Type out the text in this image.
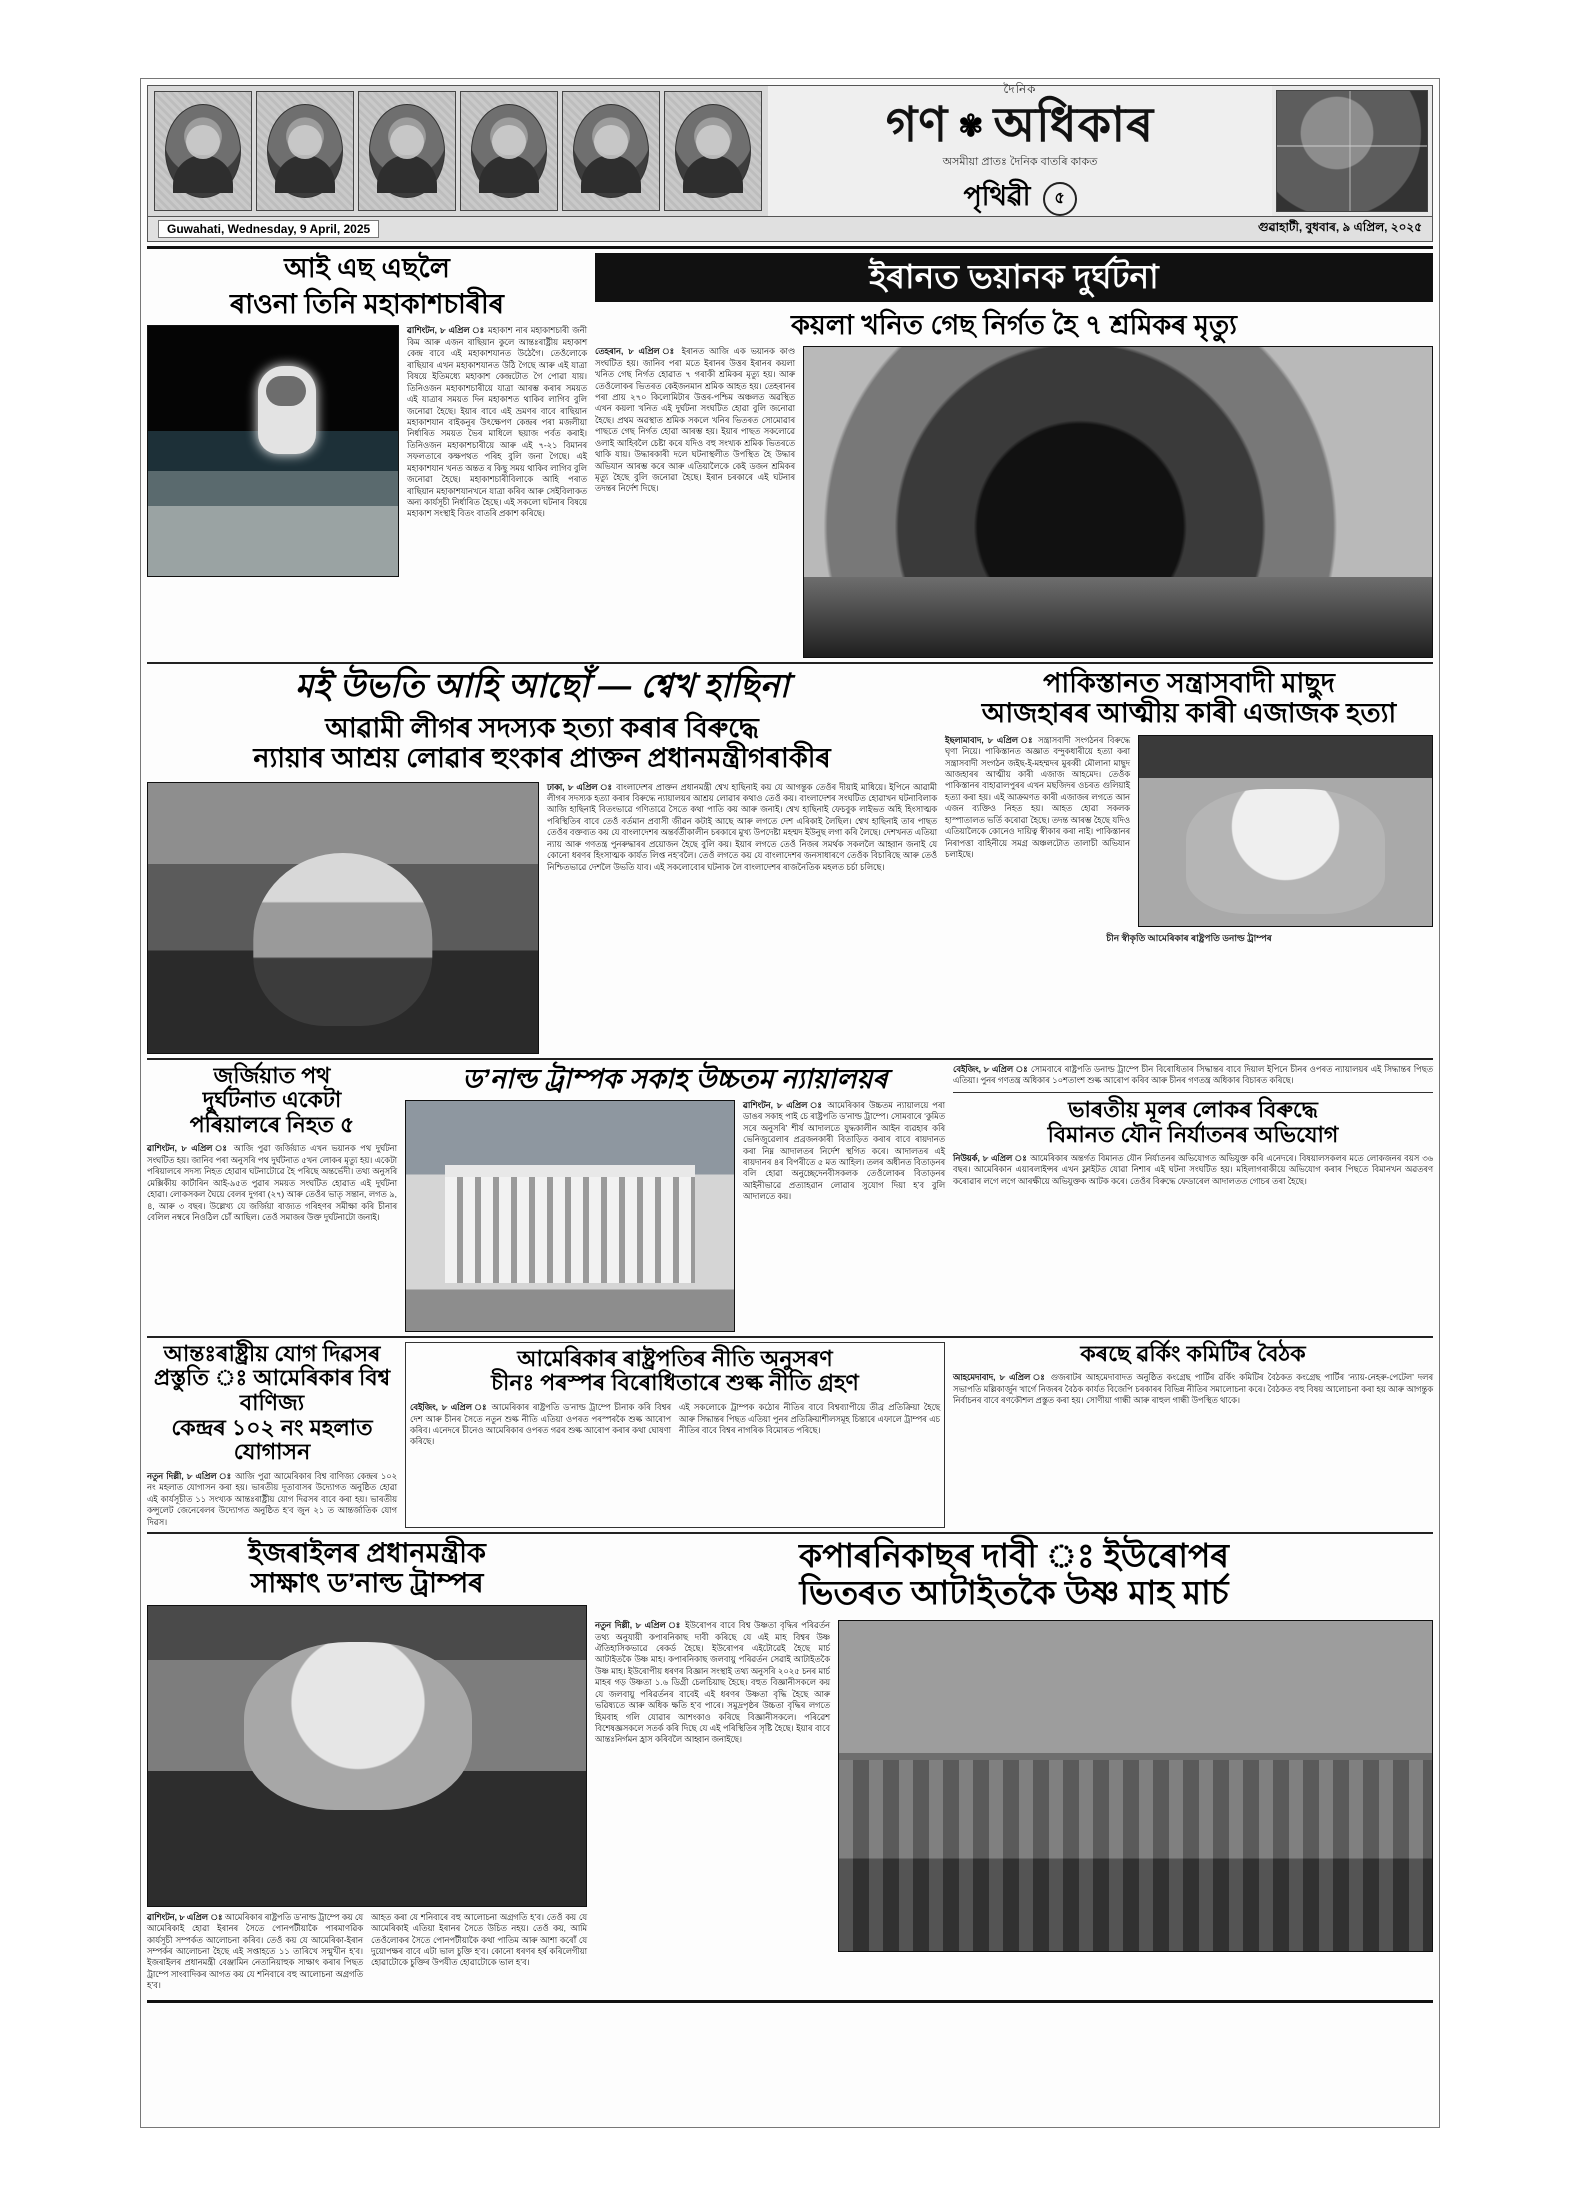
দৈনিক
গণ ✾ অধিকাৰ
অসমীয়া প্ৰাতঃ দৈনিক বাতৰি কাকত
পৃথিৱী	৫
Guwahati, Wednesday, 9 April, 2025	গুৱাহাটী, বুধবাৰ, ৯ এপ্ৰিল, ২০২৫
আই এছ এছলৈ
ৰাওনা তিনি মহাকাশচাৰীৰ
ৱাশিংটন, ৮ এপ্ৰিল ঃ মহাকাশ নাৰ মহাকাশচাৰী জনী কিম আৰু এজন ৰাছিয়ান কুলে আন্তঃৰাষ্ট্ৰীয় মহাকাশ কেন্দ্ৰ বাবে এই মহাকাশযানত উঠেগৈ। তেওঁলোকে ৰাছিয়াৰ এখন মহাকাশযানত উঠি গৈছে আৰু এই যাত্ৰা বিষয়ে ইতিমধ্যে মহাকাশ কেন্দ্ৰটোত গৈ পোৱা যায়। তিনিওজন মহাকাশচাৰীয়ে যাত্ৰা আৰম্ভ কৰাৰ সময়ত এই যাত্ৰাৰ সময়ত দিন মহাকাশত থাকিব লাগিব বুলি জনোৱা হৈছে। ইয়াৰ বাবে এই ভ্ৰমণৰ বাবে ৰাছিয়ান মহাকাশযান বাইকনুৰ উৎক্ষেপণ কেন্দ্ৰৰ পৰা মজলীয়া নিৰ্ধাৰিত সময়ত ভৈৰ মাধিলে ছয়াজ পৰ্বত কৰাই। তিনিওজন মহাকাশচাৰীয়ে আৰু এই ৭-২১ বিমানৰ সফলতাৰে কক্ষপথত পৰিহ বুলি জনা গৈছে। এই মহাকাশযান খনত অন্তত ৰ কিছু সময় থাকিব লাগিব বুলি জনোৱা হৈছে। মহাকাশচাৰীবিলাকে আহি পৰাত ৰাছিয়ান মহাকাশযানখনে যাত্ৰা কৰিব আৰু সেইবিলাকত অন্য কাৰ্যসূচী নিৰ্ধাৰিত হৈছে। এই সকলো ঘটনাৰ বিষয়ে মহাকাশ সংস্থাই বিতং বাতৰি প্ৰকাশ কৰিছে।
ইৰানত ভয়ানক দুৰ্ঘটনা
কয়লা খনিত গেছ নিৰ্গত হৈ ৭ শ্ৰমিকৰ মৃত্যু
তেহৰান, ৮ এপ্ৰিল ঃ ইৰানত আজি এক ভয়ানক কাণ্ড সংঘটিত হয়। জানিব পৰা মতে ইৰানৰ উত্তৰ ইৰানৰ কয়লা খনিত গেছ নিৰ্গত হোৱাত ৭ গৰাকী শ্ৰমিকৰ মৃত্যু হয়। আৰু তেওঁলোকৰ ভিতৰত কেইজনমান শ্ৰমিক আহত হয়। তেহৰানৰ পৰা প্ৰায় ২৭০ কিলোমিটাৰ উত্তৰ-পশ্চিম অঞ্চলত অৱস্থিত এখন কয়লা খনিত এই দুৰ্ঘটনা সংঘটিত হোৱা বুলি জনোৱা হৈছে। প্ৰথম অৱস্থাত শ্ৰমিক সকলে খনিৰ ভিতৰত সোমোৱাৰ পাছতে গেছ নিৰ্গত হোৱা আৰম্ভ হয়। ইয়াৰ পাছত সকলোৱে ওলাই আহিবলৈ চেষ্টা কৰে যদিও বহু সংখ্যক শ্ৰমিক ভিতৰতে থাকি যায়। উদ্ধাৰকাৰী দলে ঘটনাস্থলীত উপস্থিত হৈ উদ্ধাৰ অভিযান আৰম্ভ কৰে আৰু এতিয়ালৈকে কেই ডজন শ্ৰমিকৰ মৃত্যু হৈছে বুলি জনোৱা হৈছে। ইৰান চৰকাৰে এই ঘটনাৰ তদন্তৰ নিৰ্দেশ দিছে।
মই উভতি আহি আছোঁ — শ্বেখ হাছিনা
আৱামী লীগৰ সদস্যক হত্যা কৰাৰ বিৰুদ্ধে
ন্যায়াৰ আশ্ৰয় লোৱাৰ হুংকাৰ প্ৰাক্তন প্ৰধানমন্ত্ৰীগৰাকীৰ
ঢাকা, ৮ এপ্ৰিল ঃ বাংলাদেশৰ প্ৰাক্তন প্ৰধানমন্ত্ৰী শ্বেখ হাছিনাই কয় যে আগন্তুক তেওঁৰ দীয়াই মাধিয়ে। ইপিনে আৱামী লীগৰ সদস্যক হত্যা কৰাৰ বিৰুদ্ধে ন্যায়ালয়ৰ আশ্ৰয় লোৱাৰ কথাও তেওঁ কয়। বাংলাদেশৰ সংঘটিত হোৱাখন ঘটনাবিলাক আজি হাছিনাই বিতংভাৱে গণিতাৱে সৈতে কথা পাতি কয় আৰু জনাই। শ্বেখ হাছিনাই ফেচবুক লাইভত অহি হিংসাত্মক পৰিস্থিতিৰ বাবে তেওঁ বৰ্তমান প্ৰবাসী জীৱন কটাই আছে আৰু লগতে দেশ এৰিকাই লৈছিল। শ্বেখ হাছিনাই তাৰ পাছত তেওঁৰ বক্তব্যত কয় যে বাংলাদেশৰ অন্তৰ্বৰ্তীকালীন চৰকাৰে মুখ্য উপদেষ্টা মহম্মদ ইউনুছ লগা কৰি লৈছে। দেশখনত এতিয়া ন্যায় আৰু গণতন্ত্ৰ পুনৰুদ্ধাৰৰ প্ৰয়োজন হৈছে বুলি কয়। ইয়াৰ লগতে তেওঁ নিজৰ সমৰ্থক সকললৈ আহ্বান জনাই যে কোনো ধৰণৰ হিংসাত্মক কাৰ্যত লিপ্ত নহ’বলৈ। তেওঁ লগতে কয় যে বাংলাদেশৰ জনসাধাৰণে তেওঁক বিচাৰিছে আৰু তেওঁ নিশ্চিতভাৱে দেশলৈ উভতি যাব। এই সকলোবোৰ ঘটনাক লৈ বাংলাদেশৰ ৰাজনৈতিক মহলত চৰ্চা চলিছে।
পাকিস্তানত সন্ত্ৰাসবাদী মাছুদ
আজহাৰৰ আত্মীয় কাৰী এজাজক হত্যা
ইছলামাবাদ, ৮ এপ্ৰিল ঃ সন্ত্ৰাসবাদী সংগঠনৰ বিৰুদ্ধে ঘৃণা নিয়ে। পাকিস্তানত অজ্ঞাত বন্দুকধাৰীয়ে হত্যা কৰা সন্ত্ৰাসবাদী সংগঠন জইছ-ই-মহম্মদৰ মুৰব্বী মৌলানা মাছুদ আজহাৰৰ আত্মীয় কাৰী এজাজ আহমেদ। তেওঁক পাকিস্তানৰ বাহাৱালপুৰৰ এখন মছজিদৰ ওচৰত গুলিয়াই হত্যা কৰা হয়। এই আক্ৰমণত কাৰী এজাজৰ লগতে আন এজন ব্যক্তিও নিহত হয়। আহত হোৱা সকলক হাস্পাতালত ভৰ্তি কৰোৱা হৈছে। তদন্ত আৰম্ভ হৈছে যদিও এতিয়ালৈকে কোনেও দায়িত্ব স্বীকাৰ কৰা নাই। পাকিস্তানৰ নিৰাপত্তা বাহিনীয়ে সমগ্ৰ অঞ্চলটোত তালাচী অভিযান চলাইছে।
চীন স্বীকৃতি আমেৰিকাৰ ৰাষ্ট্ৰপতি ডনাল্ড ট্ৰাম্পৰ
জৰ্জিয়াত পথ
দুৰ্ঘটনাত একেটা
পৰিয়ালৰে নিহত ৫
ৱাশিংটন, ৮ এপ্ৰিল ঃ আজি পুৱা জৰ্জিয়াত এখন ভয়ানক পথ দুৰ্ঘটনা সংঘটিত হয়। জানিব পৰা অনুসৰি পথ দুৰ্ঘটনাত ৫খন লোকৰ মৃত্যু হয়। একেটা পৰিয়ালৰে সদস্য নিহত হোৱাৰ ঘটনাটোৱে হৈ পৰিছে অন্তৰ্ভেদী। তথ্য অনুসৰি মেক্সিকীয় কাৰ্টাৰিন আই-৯৫ত পুৱাৰ সময়ত সংঘটিত হোৱাত এই দুৰ্ঘটনা হোৱা। লোকসকল ঘৈয়ে বেলৰ দুগৰা (২৭) আৰু তেওঁৰ ভাতৃ সন্তান, লগত ৯, ৪, আৰু ৩ বছৰ। উল্লেখ্য যে জৰ্জিয়া ৰাজ্যত গৰিহণৰ সমীক্ষা কৰি চীনাৰ বেলিল নম্বৰে নিওঠিল চোঁ আছিল। তেওঁ সমাজৰ উক্ত দুৰ্ঘটনাটো জনাই।
ড’নাল্ড ট্ৰাম্পক সকাহ উচ্চতম ন্যায়ালয়ৰ
ৱাশিংটন, ৮ এপ্ৰিল ঃ আমেৰিকাৰ উচ্চতম ন্যায়ালয়ে পৰা ডাঙৰ সকাহ পাই চে ৰাষ্ট্ৰপতি ড’নাল্ড ট্ৰাম্পে। সোমবাৰে ‘কুমিত সৰে অনুসৰি’ শীৰ্ষ আদালতে যুদ্ধকালীন আইন ব্যৱহাৰ কৰি ভেনিজুৱেলাৰ প্ৰব্ৰজনকাৰী বিতাড়িত কৰাৰ বাবে ৰায়দানত কৰা নিম্ন আদালতৰ নিৰ্দেশ স্থগিত কৰে। আদালতৰ এই ৰায়দানৰ ৪ৰ বিপৰীতে ৫ মত আহিল। তলৰ অধীনত বিতাড়নৰ বলি হোৱা অনুচ্ছেদেনবীসকলক তেওঁলোকৰ বিতাড়নৰ আইনীভাৱে প্ৰত্যাহৱান লোৱাৰ সুযোগ দিয়া হ’ব বুলি আদালতে কয়।
বেইজিং, ৮ এপ্ৰিল ঃ সোমবাৰে ৰাষ্ট্ৰপতি ডনাল্ড ট্ৰাম্পে চীন বিৰোধিতাৰ সিদ্ধান্তৰ বাবে দিয়াল ইপিনে চীনৰ ওপৰত ন্যায়ালয়ৰ এই সিদ্ধান্তৰ পিছত এতিয়া। পুনৰ গণতন্ত্ৰ অধিকাৰ ১০শতাংশ শুল্ক আৰোপ কৰিব আৰু চীনৰ গণতন্ত্ৰ অধিকাৰ বিচাৰত কৰিছে।
ভাৰতীয় মূলৰ লোকৰ বিৰুদ্ধে
বিমানত যৌন নিৰ্যাতনৰ অভিযোগ
নিউয়ৰ্ক, ৮ এপ্ৰিল ঃ আমেৰিকাৰ অন্তৰ্গত বিমানত যৌন নিৰ্যাতনৰ অভিযোগত অভিযুক্ত কৰি এনেদৰে। বিষয়ালসকলৰ মতে লোকজনৰ বয়স ৩৬ বছৰ। আমেৰিকান এয়াৰলাইন্সৰ এখন ফ্লাইটত যোৱা নিশাৰ এই ঘটনা সংঘটিত হয়। মহিলাগৰাকীয়ে অভিযোগ কৰাৰ পিছতে বিমানখন অৱতৰণ কৰোৱাৰ লগে লগে আৰক্ষীয়ে অভিযুক্তক আটক কৰে। তেওঁৰ বিৰুদ্ধে ফেডাৰেল আদালতত গোচৰ তৰা হৈছে।
আন্তঃৰাষ্ট্ৰীয় যোগ দিৱসৰ
প্ৰস্তুতি ঃ আমেৰিকাৰ বিশ্ব বাণিজ্য
কেন্দ্ৰৰ ১০২ নং মহলাত যোগাসন
নতুন দিল্লী, ৮ এপ্ৰিল ঃ আজি পুৱা আমেৰিকাৰ বিশ্ব বাণিজ্য কেন্দ্ৰৰ ১০২ নং মহলাত যোগাসন কৰা হয়। ভাৰতীয় দূতাবাসৰ উদ্যোগত অনুষ্ঠিত হোৱা এই কাৰ্যসূচীত ১১ সংখ্যক আন্তঃৰাষ্ট্ৰীয় যোগ দিৱসৰ বাবে কৰা হয়। ভাৰতীয় কন্সুলেট জেনেৰেলৰ উদ্যোগত অনুষ্ঠিত হ’ব জুন ২১ ত আন্তৰ্জাতিক যোগ দিৱস।
আমেৰিকাৰ ৰাষ্ট্ৰপতিৰ নীতি অনুসৰণ
চীনঃ পৰস্পৰ বিৰোধিতাৰে শুল্ক নীতি গ্ৰহণ
বেইজিং, ৮ এপ্ৰিল ঃ আমেৰিকাৰ ৰাষ্ট্ৰপতি ড’নাল্ড ট্ৰাম্পে চীনাক কৰি বিশ্বৰ দেশ আৰু চীনৰ সৈতে নতুন শুল্ক নীতি এতিয়া ওপৰত পৰস্পৰকৈ শুল্ক আৰোপ কৰিব। এনেদৰে চীনেও আমেৰিকাৰ ওপৰত গৱৰ শুল্ক আৰোপ কৰাৰ কথা ঘোষণা কৰিছে।
এই সকলোকে ট্ৰাম্পক কঠোৰ নীতিৰ বাবে বিশ্বব্যাপীয়ে তীব্ৰ প্ৰতিক্ৰিয়া হৈছে আৰু সিদ্ধান্তৰ পিছত এতিয়া পুনৰ প্ৰতিক্ৰিয়াশীলসমূহ চিন্তাৰে এফালে ট্ৰাম্পৰ এচ নীতিৰ বাবে বিশ্বৰ নাগৰিক বিমোৰত পৰিছে।
কৰছে ৱৰ্কিং কমিটিৰ বৈঠক
আহমেদাবাদ, ৮ এপ্ৰিল ঃ গুজৰাটৰ আহমেদাবাদত অনুষ্ঠিত কংগ্ৰেছ পাৰ্টিৰ ৱৰ্কিং কমিটিৰ বৈঠকত কংগ্ৰেছ পাৰ্টিৰ ‘ন্যায়-নেহৰু-পেটেল’ দলৰ সভাপতি মল্লিকাৰ্জুন খাৰ্গে নিজৰৰ বৈঠক কাৰ্যত বিজেপি চৰকাৰৰ বিভিন্ন নীতিৰ সমালোচনা কৰে। বৈঠকত বহু বিষয় আলোচনা কৰা হয় আৰু আগন্তুক নিৰ্বাচনৰ বাবে ৰণকৌশল প্ৰস্তুত কৰা হয়। সোণীয়া গান্ধী আৰু ৰাহুল গান্ধী উপস্থিত থাকে।
ইজৰাইলৰ প্ৰধানমন্ত্ৰীক
সাক্ষাৎ ড’নাল্ড ট্ৰাম্পৰ
ৱাশিংটন, ৮ এপ্ৰিল ঃ আমেৰিকাৰ ৰাষ্ট্ৰপতি ড’নাল্ড ট্ৰাম্পে কয় যে আমেৰিকাই হোৱা ইৰানৰ সৈতে পোনপটীয়াকৈ পাৰমাণৱিক কাৰ্যসূচী সম্পৰ্কত আলোচনা কৰিব। তেওঁ কয় যে আমেৰিকা-ইৰান সম্পৰ্কৰ আলোচনা হৈছে এই সপ্তাহতে ১১ তাৰিখে সন্মুখীন হ’ব। ইজৰাইলৰ প্ৰধানমন্ত্ৰী বেঞ্জামিন নেতানিয়াহুক সাক্ষাৎ কৰাৰ পিছত ট্ৰাম্পে সাংবাদিকৰ আগত কয় যে শনিবাৰে বহু আলোচনা অগ্ৰগতি হ’ব।
আহত কৰা যে শনিবাৰে বহু আলোচনা অগ্ৰগতি হ’ব। তেওঁ কয় যে আমেৰিকাই এতিয়া ইৰানৰ সৈতে উচিত নহয়। তেওঁ কয়, আমি তেওঁলোকৰ সৈতে পোনপটীয়াকৈ কথা পাতিম আৰু আশা কৰোঁ যে দুয়োপক্ষৰ বাবে এটা ভাল চুক্তি হ’ব। কোনো ধৰণৰ হৰ্ষ কৰিলেগীয়া হোৱাটোকে চুক্তিৰ উপযীত হোৱাটোকে ভাল হ’ব।
কপাৰনিকাছৰ দাবী ঃ ইউৰোপৰ
ভিতৰত আটাইতকৈ উষ্ণ মাহ মাৰ্চ
নতুন দিল্লী, ৮ এপ্ৰিল ঃ ইউৰোপৰ বাবে বিশ্ব উষ্ণতা বৃদ্ধিৰ পৰিৱৰ্তন তথ্য অনুযায়ী কপাৰনিকাছ দাবী কৰিছে যে এই মাহ বিশ্বৰ উষ্ণ ঐতিহাসিকভাৱে ৰেকৰ্ড হৈছে। ইউৰোপৰ এইটোৱেই হৈছে মাৰ্চ আটাইতকৈ উষ্ণ মাহ। কপাৰনিকাছ জলবায়ু পৰিৱৰ্তন সেৱাই আটাইতকৈ উষ্ণ মাহ। ইউৰোপীয় ধৰণৰ বিজ্ঞান সংস্থাই তথ্য অনুসৰি ২০২৫ চনৰ মাৰ্চ মাহৰ গড় উষ্ণতা ১.৬ ডিগ্ৰী চেলচিয়াছ হৈছে। বহুত বিজ্ঞানীসকলে কয় যে জলবায়ু পৰিৱৰ্তনৰ বাবেই এই ধৰণৰ উষ্ণতা বৃদ্ধি হৈছে আৰু ভৱিষ্যতে আৰু অধিক ক্ষতি হ’ব পাৰে। সমুদ্ৰপৃষ্ঠৰ উচ্চতা বৃদ্ধিৰ লগতে হিমবাহ গলি যোৱাৰ আশংকাও কৰিছে বিজ্ঞানীসকলে। পৰিৱেশ বিশেষজ্ঞসকলে সতৰ্ক কৰি দিছে যে এই পৰিস্থিতিৰ সৃষ্টি হৈছে। ইয়াৰ বাবে আন্তঃনিৰ্গমন হ্ৰাস কৰিবলৈ আহ্বান জনাইছে।
